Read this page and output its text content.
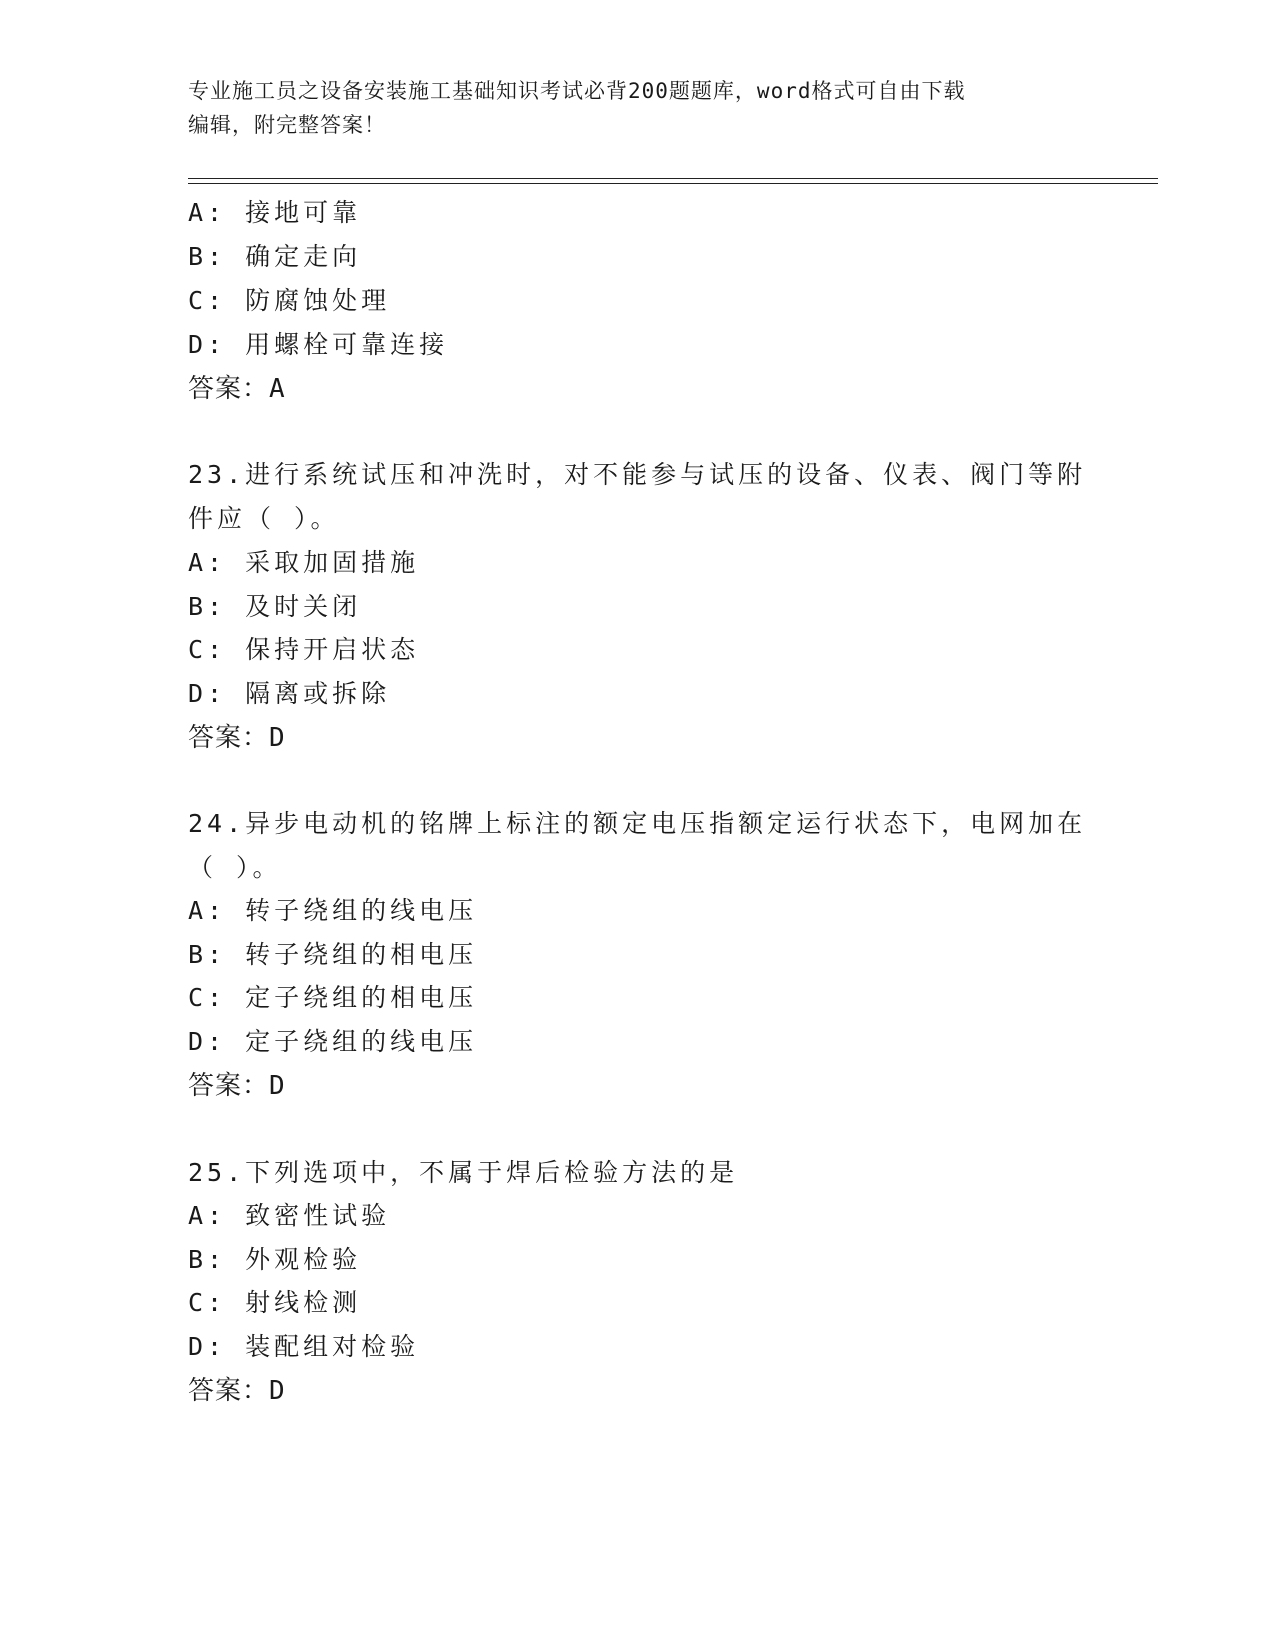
专业施工员之设备安装施工基础知识考试必背200题题库，word格式可自由下载
编辑，附完整答案！
A: 接地可靠
B: 确定走向
C: 防腐蚀处理
D: 用螺栓可靠连接
答案：A
23.进行系统试压和冲洗时，对不能参与试压的设备、仪表、阀门等附
件应（ ）。
A: 采取加固措施
B: 及时关闭
C: 保持开启状态
D: 隔离或拆除
答案：D
24.异步电动机的铭牌上标注的额定电压指额定运行状态下，电网加在
（ ）。
A: 转子绕组的线电压
B: 转子绕组的相电压
C: 定子绕组的相电压
D: 定子绕组的线电压
答案：D
25.下列选项中，不属于焊后检验方法的是
A: 致密性试验
B: 外观检验
C: 射线检测
D: 装配组对检验
答案：D
